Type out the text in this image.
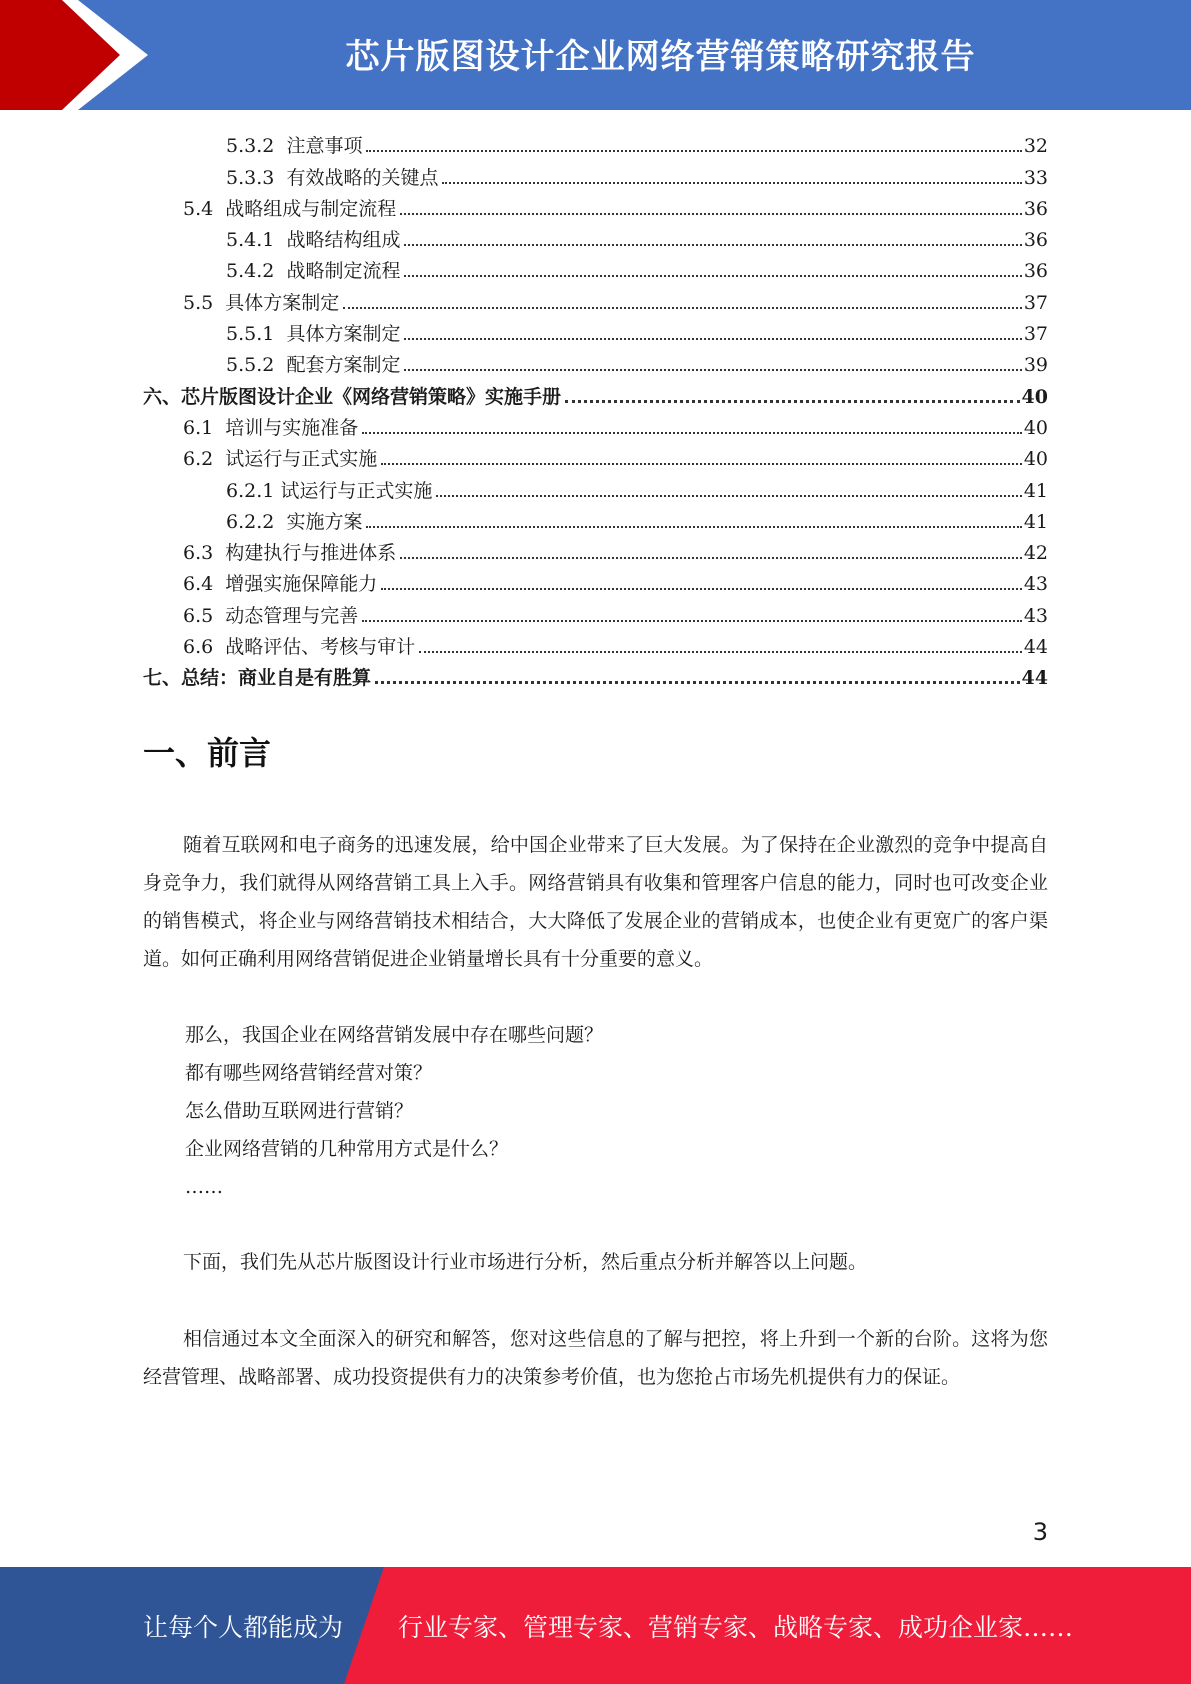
芯片版图设计企业网络营销策略研究报告
5.3.2 注意事项	32
5.3.3 有效战略的关键点	33
5.4 战略组成与制定流程	36
5.4.1 战略结构组成	36
5.4.2 战略制定流程	36
5.5 具体方案制定	37
5.5.1 具体方案制定	37
5.5.2 配套方案制定	39
六、芯片版图设计企业《网络营销策略》实施手册	40
6.1 培训与实施准备	40
6.2 试运行与正式实施	40
6.2.1 试运行与正式实施	41
6.2.2 实施方案	41
6.3 构建执行与推进体系	42
6.4 增强实施保障能力	43
6.5 动态管理与完善	43
6.6 战略评估、考核与审计	44
七、总结：商业自是有胜算	44
一、前言
随着互联网和电子商务的迅速发展，给中国企业带来了巨大发展。为了保持在企业激烈的竞争中提高自身竞争力，我们就得从网络营销工具上入手。网络营销具有收集和管理客户信息的能力，同时也可改变企业的销售模式，将企业与网络营销技术相结合，大大降低了发展企业的营销成本，也使企业有更宽广的客户渠道。如何正确利用网络营销促进企业销量增长具有十分重要的意义。
那么，我国企业在网络营销发展中存在哪些问题？
都有哪些网络营销经营对策？
怎么借助互联网进行营销？
企业网络营销的几种常用方式是什么？
……
下面，我们先从芯片版图设计行业市场进行分析，然后重点分析并解答以上问题。
相信通过本文全面深入的研究和解答，您对这些信息的了解与把控，将上升到一个新的台阶。这将为您经营管理、战略部署、成功投资提供有力的决策参考价值，也为您抢占市场先机提供有力的保证。
3
让每个人都能成为 行业专家、管理专家、营销专家、战略专家、成功企业家……
